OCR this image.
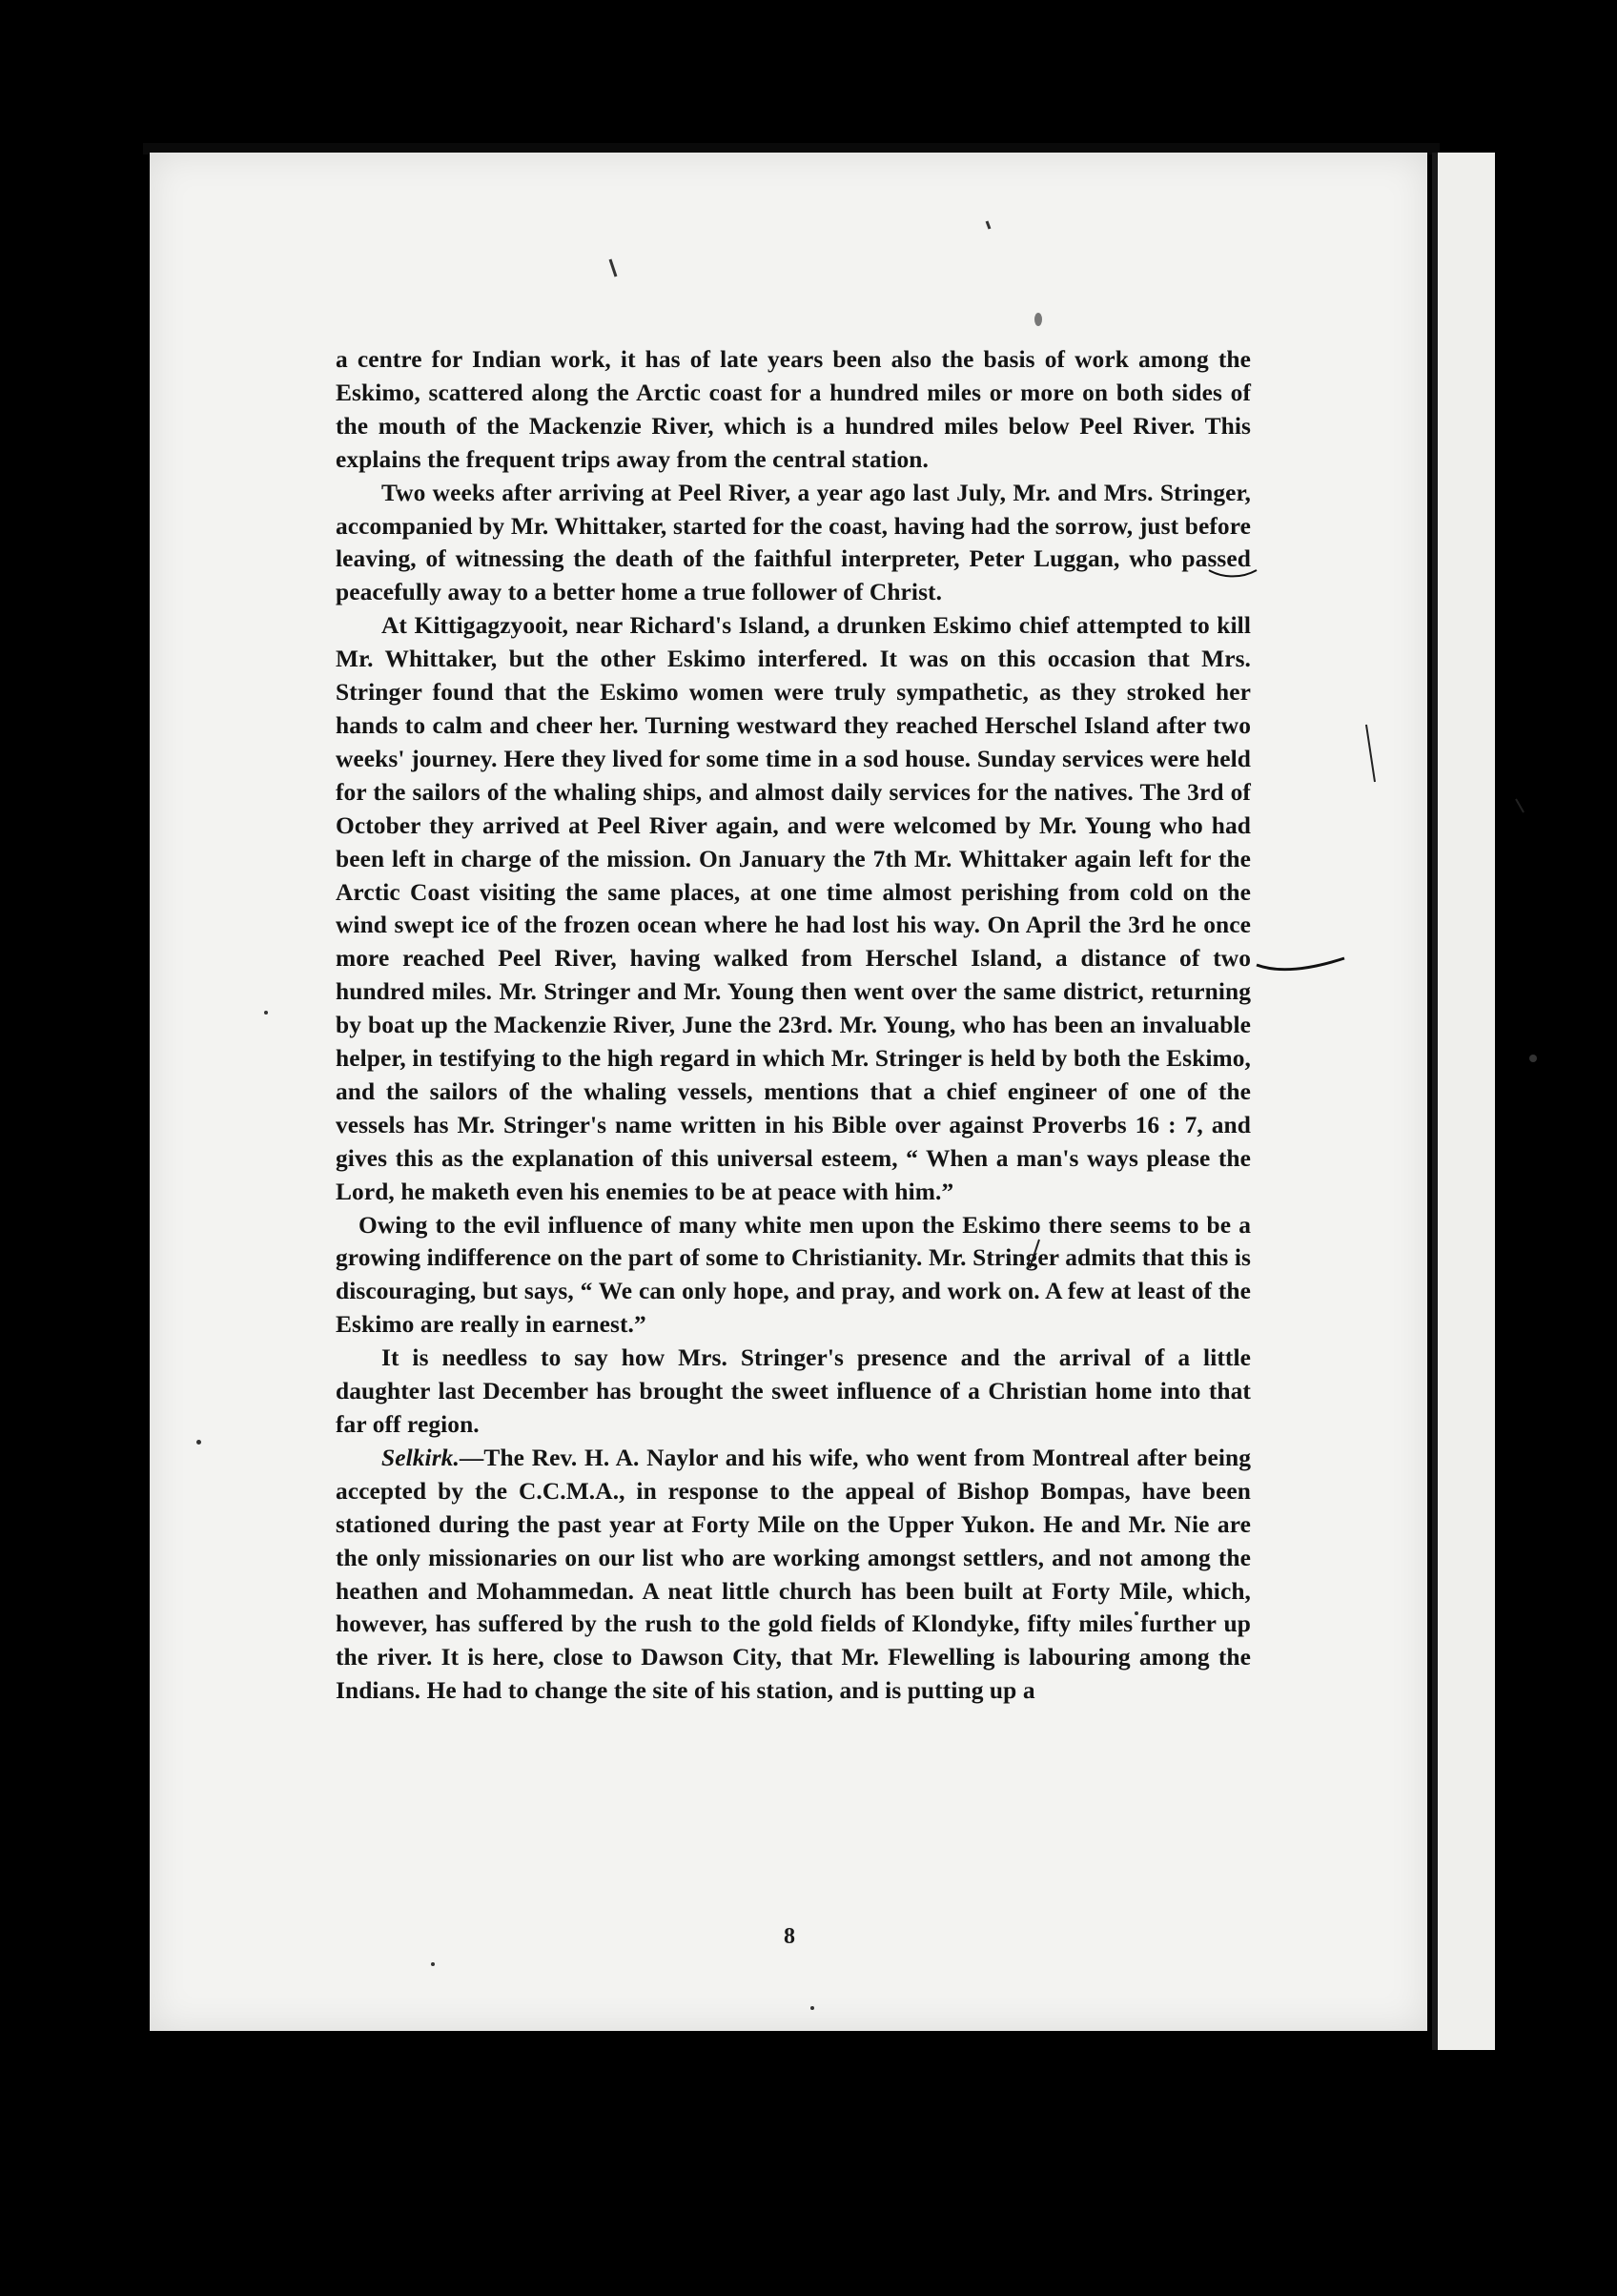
a centre for Indian work, it has of late years been also the basis of work among the Eskimo, scattered along the Arctic coast for a hundred miles or more on both sides of the mouth of the Mackenzie River, which is a hundred miles below Peel River. This explains the frequent trips away from the central station.

Two weeks after arriving at Peel River, a year ago last July, Mr. and Mrs. Stringer, accompanied by Mr. Whittaker, started for the coast, having had the sorrow, just before leaving, of witnessing the death of the faithful interpreter, Peter Luggan, who passed peacefully away to a better home a true follower of Christ.

At Kittigagzyooit, near Richard's Island, a drunken Eskimo chief attempted to kill Mr. Whittaker, but the other Eskimo interfered. It was on this occasion that Mrs. Stringer found that the Eskimo women were truly sympathetic, as they stroked her hands to calm and cheer her. Turning westward they reached Herschel Island after two weeks' journey. Here they lived for some time in a sod house. Sunday services were held for the sailors of the whaling ships, and almost daily services for the natives. The 3rd of October they arrived at Peel River again, and were welcomed by Mr. Young who had been left in charge of the mission. On January the 7th Mr. Whittaker again left for the Arctic Coast visiting the same places, at one time almost perishing from cold on the wind swept ice of the frozen ocean where he had lost his way. On April the 3rd he once more reached Peel River, having walked from Herschel Island, a distance of two hundred miles. Mr. Stringer and Mr. Young then went over the same district, returning by boat up the Mackenzie River, June the 23rd. Mr. Young, who has been an invaluable helper, in testifying to the high regard in which Mr. Stringer is held by both the Eskimo, and the sailors of the whaling vessels, mentions that a chief engineer of one of the vessels has Mr. Stringer's name written in his Bible over against Proverbs 16 : 7, and gives this as the explanation of this universal esteem, “ When a man's ways please the Lord, he maketh even his enemies to be at peace with him.”

Owing to the evil influence of many white men upon the Eskimo there seems to be a growing indifference on the part of some to Christianity. Mr. Stringer admits that this is discouraging, but says, “ We can only hope, and pray, and work on. A few at least of the Eskimo are really in earnest.”

It is needless to say how Mrs. Stringer's presence and the arrival of a little daughter last December has brought the sweet influence of a Christian home into that far off region.

Selkirk.—The Rev. H. A. Naylor and his wife, who went from Montreal after being accepted by the C.C.M.A., in response to the appeal of Bishop Bompas, have been stationed during the past year at Forty Mile on the Upper Yukon. He and Mr. Nie are the only missionaries on our list who are working amongst settlers, and not among the heathen and Mohammedan. A neat little church has been built at Forty Mile, which, however, has suffered by the rush to the gold fields of Klondyke, fifty miles further up the river. It is here, close to Dawson City, that Mr. Flewelling is labouring among the Indians. He had to change the site of his station, and is putting up a

8
